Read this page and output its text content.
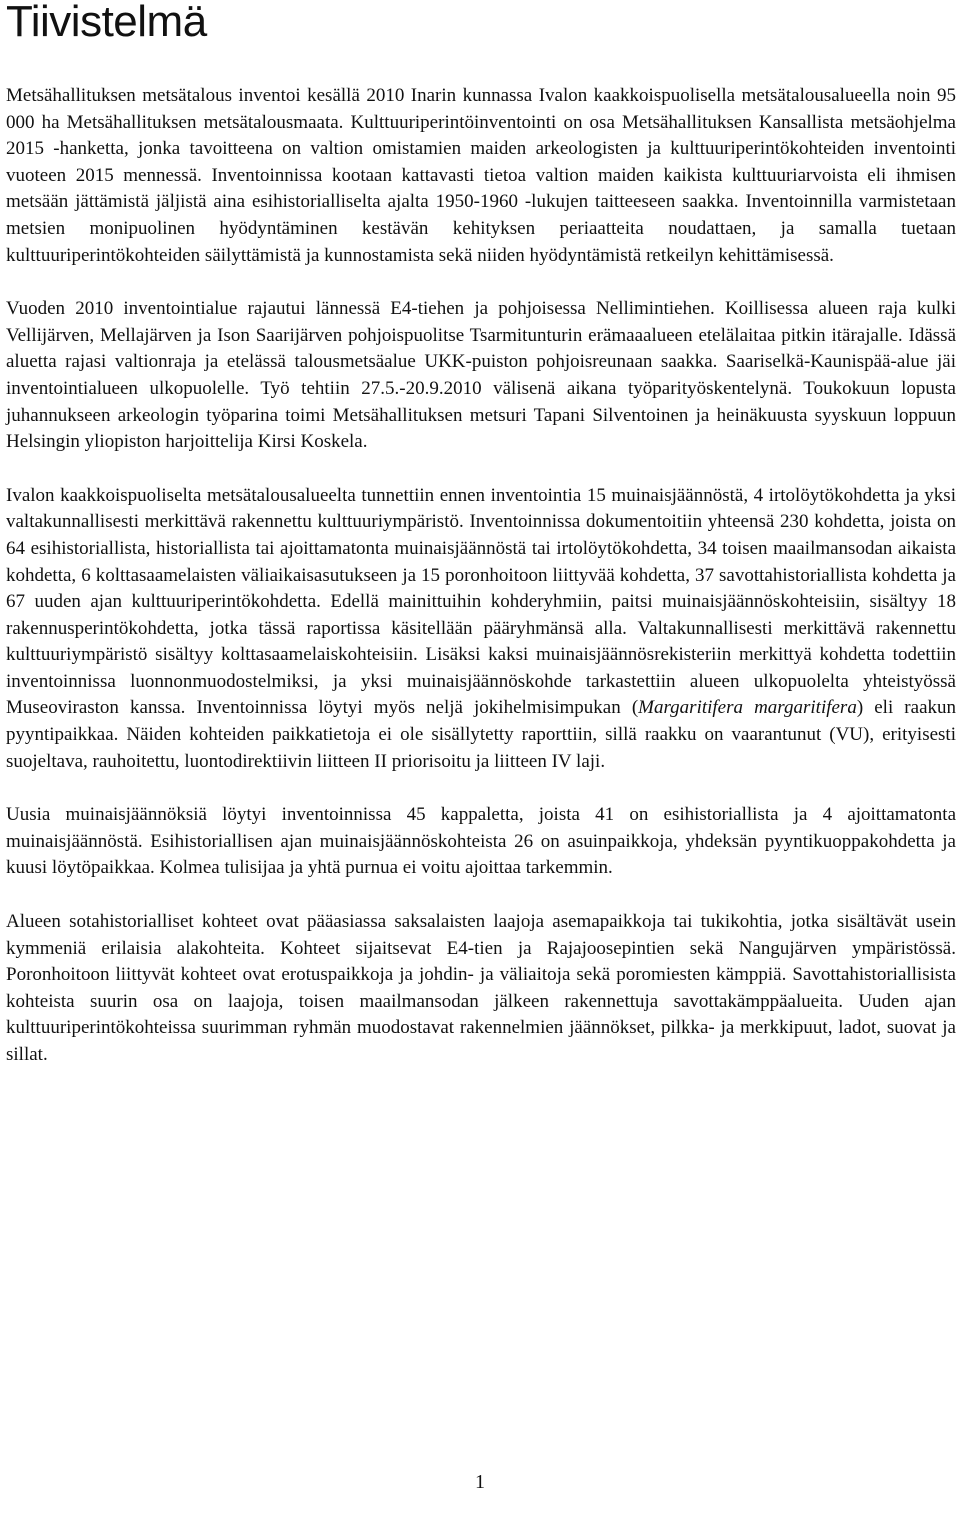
Tiivistelmä

Metsähallituksen metsätalous inventoi kesällä 2010 Inarin kunnassa Ivalon kaakkoispuolisella metsätalousalueella noin 95 000 ha Metsähallituksen metsätalousmaata. Kulttuuriperintöinventointi on osa Metsähallituksen Kansallista metsäohjelma 2015 -hanketta, jonka tavoitteena on valtion omistamien maiden arkeologisten ja kulttuuriperintökohteiden inventointi vuoteen 2015 mennessä. Inventoinnissa kootaan kattavasti tietoa valtion maiden kaikista kulttuuriarvoista eli ihmisen metsään jättämistä jäljistä aina esihistorialliselta ajalta 1950-1960 -lukujen taitteeseen saakka. Inventoinnilla varmistetaan metsien monipuolinen hyödyntäminen kestävän kehityksen periaatteita noudattaen, ja samalla tuetaan kulttuuriperintökohteiden säilyttämistä ja kunnostamista sekä niiden hyödyntämistä retkeilyn kehittämisessä.

Vuoden 2010 inventointialue rajautui lännessä E4-tiehen ja pohjoisessa Nellimintiehen. Koillisessa alueen raja kulki Vellijärven, Mellajärven ja Ison Saarijärven pohjoispuolitse Tsarmitunturin erämaaalueen etelälaitaa pitkin itärajalle. Idässä aluetta rajasi valtionraja ja etelässä talousmetsäalue UKK-puiston pohjoisreunaan saakka. Saariselkä-Kaunispää-alue jäi inventointialueen ulkopuolelle. Työ tehtiin 27.5.-20.9.2010 välisenä aikana työparityöskentelynä. Toukokuun lopusta juhannukseen arkeologin työparina toimi Metsähallituksen metsuri Tapani Silventoinen ja heinäkuusta syyskuun loppuun Helsingin yliopiston harjoittelija Kirsi Koskela.

Ivalon kaakkoispuoliselta metsätalousalueelta tunnettiin ennen inventointia 15 muinaisjäännöstä, 4 irtolöytökohdetta ja yksi valtakunnallisesti merkittävä rakennettu kulttuuriympäristö. Inventoinnissa dokumentoitiin yhteensä 230 kohdetta, joista on 64 esihistoriallista, historiallista tai ajoittamatonta muinaisjäännöstä tai irtolöytökohdetta, 34 toisen maailmansodan aikaista kohdetta, 6 kolttasaamelaisten väliaikaisasutukseen ja 15 poronhoitoon liittyvää kohdetta, 37 savottahistoriallista kohdetta ja 67 uuden ajan kulttuuriperintökohdetta. Edellä mainittuihin kohderyhmiin, paitsi muinaisjäännöskohteisiin, sisältyy 18 rakennusperintökohdetta, jotka tässä raportissa käsitellään pääryhmänsä alla. Valtakunnallisesti merkittävä rakennettu kulttuuriympäristö sisältyy kolttasaamelaiskohteisiin. Lisäksi kaksi muinaisjäännösrekisteriin merkittyä kohdetta todettiin inventoinnissa luonnonmuodostelmiksi, ja yksi muinaisjäännöskohde tarkastettiin alueen ulkopuolelta yhteistyössä Museoviraston kanssa. Inventoinnissa löytyi myös neljä jokihelmisimpukan (Margaritifera margaritifera) eli raakun pyyntipaikkaa. Näiden kohteiden paikkatietoja ei ole sisällytetty raporttiin, sillä raakku on vaarantunut (VU), erityisesti suojeltava, rauhoitettu, luontodirektiivin liitteen II priorisoitu ja liitteen IV laji.

Uusia muinaisjäännöksiä löytyi inventoinnissa 45 kappaletta, joista 41 on esihistoriallista ja 4 ajoittamatonta muinaisjäännöstä. Esihistoriallisen ajan muinaisjäännöskohteista 26 on asuinpaikkoja, yhdeksän pyyntikuoppakohdetta ja kuusi löytöpaikkaa. Kolmea tulisijaa ja yhtä purnua ei voitu ajoittaa tarkemmin.

Alueen sotahistorialliset kohteet ovat pääasiassa saksalaisten laajoja asemapaikkoja tai tukikohtia, jotka sisältävät usein kymmeniä erilaisia alakohteita. Kohteet sijaitsevat E4-tien ja Rajajoosepintien sekä Nangujärven ympäristössä. Poronhoitoon liittyvät kohteet ovat erotuspaikkoja ja johdin- ja väliaitoja sekä poromiesten kämppiä. Savottahistoriallisista kohteista suurin osa on laajoja, toisen maailmansodan jälkeen rakennettuja savottakämppäalueita. Uuden ajan kulttuuriperintökohteissa suurimman ryhmän muodostavat rakennelmien jäännökset, pilkka- ja merkkipuut, ladot, suovat ja sillat.

1
